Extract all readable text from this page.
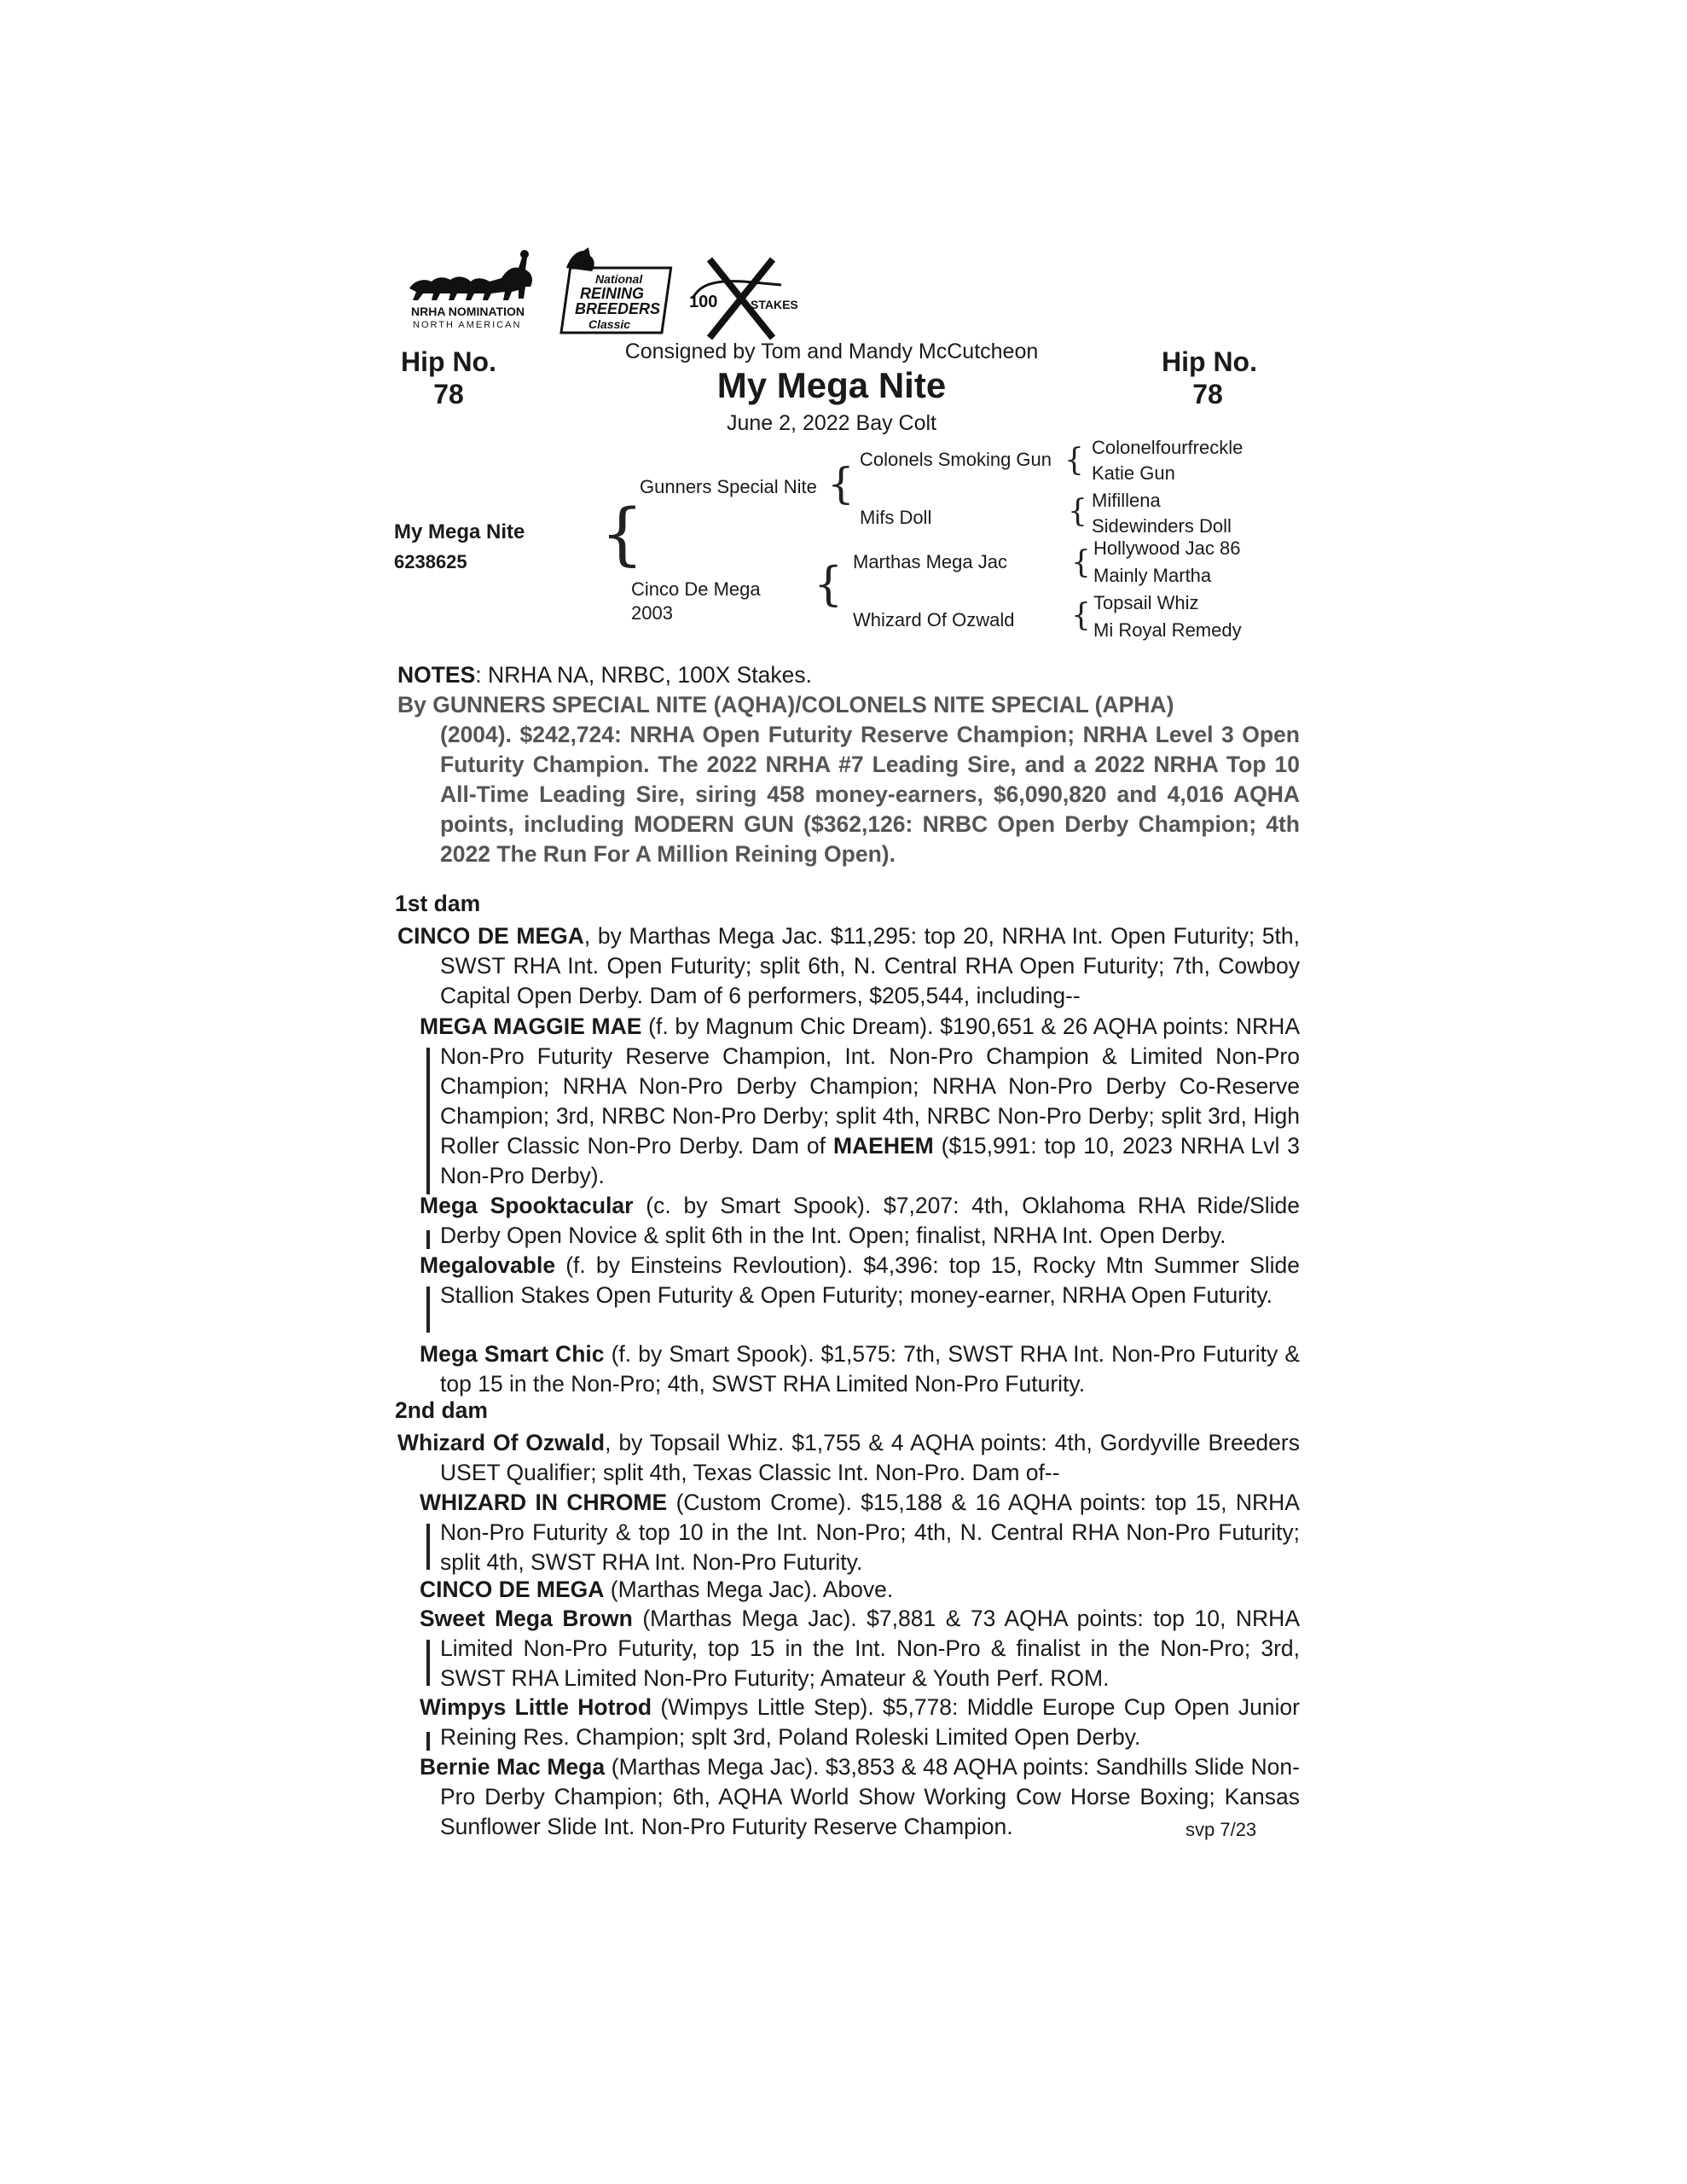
NRHA NOMINATION
NORTH AMERICAN
National
REINING
BREEDERS
Classic
100	STAKES
Hip No.
78
Hip No.
78
Consigned by Tom and Mandy McCutcheon
My Mega Nite
June 2, 2022 Bay Colt
My Mega Nite
6238625 {
Gunners Special Nite {
Cinco De Mega
2003
{
Colonels Smoking Gun
Mifs Doll
Marthas Mega Jac
Whizard Of Ozwald
{
{
{
{
Colonelfourfreckle
Katie Gun
Mifillena
Sidewinders Doll
Hollywood Jac 86
Mainly Martha
Topsail Whiz
Mi Royal Remedy
NOTES: NRHA NA, NRBC, 100X Stakes.
By GUNNERS SPECIAL NITE (AQHA)/COLONELS NITE SPECIAL (APHA)
(2004). $242,724: NRHA Open Futurity Reserve Champion; NRHA Level 3 Open Futurity Champion. The 2022 NRHA #7 Leading Sire, and a 2022 NRHA Top 10 All-Time Leading Sire, siring 458 money-earners, $6,090,820 and 4,016 AQHA points, including MODERN GUN ($362,126: NRBC Open Derby Champion; 4th 2022 The Run For A Million Reining Open).
1st dam
CINCO DE MEGA, by Marthas Mega Jac. $11,295: top 20, NRHA Int. Open Futurity; 5th, SWST RHA Int. Open Futurity; split 6th, N. Central RHA Open Futurity; 7th, Cowboy Capital Open Derby. Dam of 6 performers, $205,544, including--
MEGA MAGGIE MAE (f. by Magnum Chic Dream). $190,651 & 26 AQHA points: NRHA Non-Pro Futurity Reserve Champion, Int. Non-Pro Champion & Limited Non-Pro Champion; NRHA Non-Pro Derby Champion; NRHA Non-Pro Derby Co-Reserve Champion; 3rd, NRBC Non-Pro Derby; split 4th, NRBC Non-Pro Derby; split 3rd, High Roller Classic Non-Pro Derby. Dam of MAEHEM ($15,991: top 10, 2023 NRHA Lvl 3 Non-Pro Derby).
Mega Spooktacular (c. by Smart Spook). $7,207: 4th, Oklahoma RHA Ride/Slide Derby Open Novice & split 6th in the Int. Open; finalist, NRHA Int. Open Derby.
Megalovable (f. by Einsteins Revloution). $4,396: top 15, Rocky Mtn Summer Slide Stallion Stakes Open Futurity & Open Futurity; money-earner, NRHA Open Futurity.
Mega Smart Chic (f. by Smart Spook). $1,575: 7th, SWST RHA Int. Non-Pro Futurity & top 15 in the Non-Pro; 4th, SWST RHA Limited Non-Pro Futurity.
2nd dam
Whizard Of Ozwald, by Topsail Whiz. $1,755 & 4 AQHA points: 4th, Gordyville Breeders USET Qualifier; split 4th, Texas Classic Int. Non-Pro. Dam of--
WHIZARD IN CHROME (Custom Crome). $15,188 & 16 AQHA points: top 15, NRHA Non-Pro Futurity & top 10 in the Int. Non-Pro; 4th, N. Central RHA Non-Pro Futurity; split 4th, SWST RHA Int. Non-Pro Futurity.
CINCO DE MEGA (Marthas Mega Jac). Above.
Sweet Mega Brown (Marthas Mega Jac). $7,881 & 73 AQHA points: top 10, NRHA Limited Non-Pro Futurity, top 15 in the Int. Non-Pro & finalist in the Non-Pro; 3rd, SWST RHA Limited Non-Pro Futurity; Amateur & Youth Perf. ROM.
Wimpys Little Hotrod (Wimpys Little Step). $5,778: Middle Europe Cup Open Junior Reining Res. Champion; splt 3rd, Poland Roleski Limited Open Derby.
Bernie Mac Mega (Marthas Mega Jac). $3,853 & 48 AQHA points: Sandhills Slide Non-Pro Derby Champion; 6th, AQHA World Show Working Cow Horse Boxing; Kansas Sunflower Slide Int. Non-Pro Futurity Reserve Champion.	svp 7/23
